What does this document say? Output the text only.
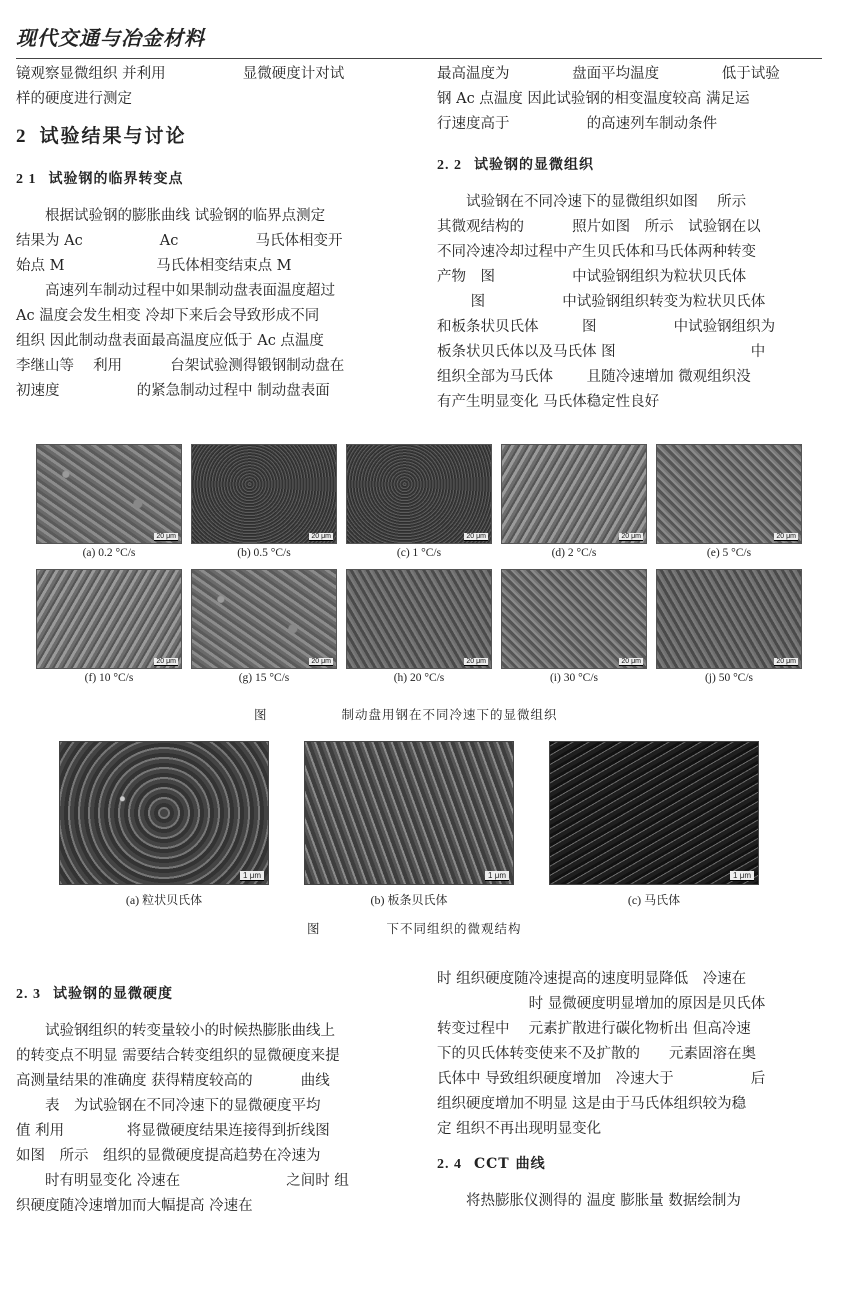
现代交通与冶金材料
镜观察显微组织 并利用　　　　　 显微硬度计对试
样的硬度进行测定
2 试验结果与讨论
2 1 试验钢的临界转变点
根据试验钢的膨胀曲线 试验钢的临界点测定
结果为 Ac　　　　　 Ac　　　　　 马氏体相变开
始点 M　　　　　　 马氏体相变结束点 M
高速列车制动过程中如果制动盘表面温度超过
Ac 温度会发生相变 冷却下来后会导致形成不同
组织 因此制动盘表面最高温度应低于 Ac 点温度
李继山等　 利用　　　 台架试验测得锻钢制动盘在
初速度　　　　　 的紧急制动过程中 制动盘表面
最高温度为　　　　 盘面平均温度　　　　 低于试验
钢 Ac 点温度 因此试验钢的相变温度较高 满足运
行速度高于　　　　　 的高速列车制动条件
2. 2 试验钢的显微组织
试验钢在不同冷速下的显微组织如图　 所示
其微观结构的　　　 照片如图　所示　试验钢在以
不同冷速冷却过程中产生贝氏体和马氏体两种转变
产物　图　　　　　 中试验钢组织为粒状贝氏体
　　 图　　　　　 中试验钢组织转变为粒状贝氏体
和板条状贝氏体　　　图　　　　　 中试验钢组织为
板条状贝氏体以及马氏体 图　　　　　　　　　 中
组织全部为马氏体　　 且随冷速增加 微观组织没
有产生明显变化 马氏体稳定性良好
20 μm
(a) 0.2 °C/s
20 μm
(b) 0.5 °C/s
20 μm
(c) 1 °C/s
20 μm
(d) 2 °C/s
20 μm
(e) 5 °C/s
20 μm
(f) 10 °C/s
20 μm
(g) 15 °C/s
20 μm
(h) 20 °C/s
20 μm
(i) 30 °C/s
20 μm
(j) 50 °C/s
图	制动盘用钢在不同冷速下的显微组织
1 μm	1 μm	1 μm
(a) 粒状贝氏体	(b) 板条贝氏体	(c) 马氏体
图	下不同组织的微观结构
2. 3 试验钢的显微硬度
试验钢组织的转变量较小的时候热膨胀曲线上
的转变点不明显 需要结合转变组织的显微硬度来提
高测量结果的准确度 获得精度较高的　　　 曲线
表　为试验钢在不同冷速下的显微硬度平均
值 利用　　　　 将显微硬度结果连接得到折线图
如图　所示　组织的显微硬度提高趋势在冷速为
　　时有明显变化 冷速在　　　　　　　 之间时 组
织硬度随冷速增加而大幅提高 冷速在
时 组织硬度随冷速提高的速度明显降低　冷速在
　　　　　　 时 显微硬度明显增加的原因是贝氏体
转变过程中　 元素扩散进行碳化物析出 但高冷速
下的贝氏体转变使来不及扩散的　　元素固溶在奥
氏体中 导致组织硬度增加　冷速大于　　　　　 后
组织硬度增加不明显 这是由于马氏体组织较为稳
定 组织不再出现明显变化
2. 4 CCT 曲线
将热膨胀仪测得的 温度 膨胀量 数据绘制为
